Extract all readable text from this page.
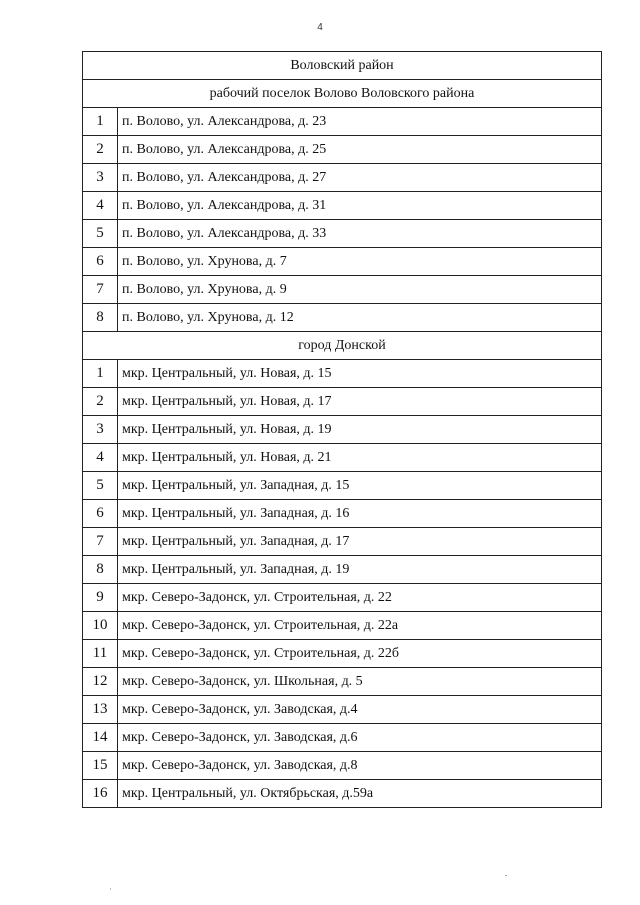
4
Воловский район	
рабочий поселок Волово Воловского района	
1	п. Волово, ул. Александрова, д. 23
2	п. Волово, ул. Александрова, д. 25
3	п. Волово, ул. Александрова, д. 27
4	п. Волово, ул. Александрова, д. 31
5	п. Волово, ул. Александрова, д. 33
6	п. Волово, ул. Хрунова, д. 7
7	п. Волово, ул. Хрунова, д. 9
8	п. Волово, ул. Хрунова, д. 12
город Донской	
1	мкр. Центральный, ул. Новая, д. 15
2	мкр. Центральный, ул. Новая, д. 17
3	мкр. Центральный, ул. Новая, д. 19
4	мкр. Центральный, ул. Новая, д. 21
5	мкр. Центральный, ул. Западная, д. 15
6	мкр. Центральный, ул. Западная, д. 16
7	мкр. Центральный, ул. Западная, д. 17
8	мкр. Центральный, ул. Западная, д. 19
9	мкр. Северо-Задонск, ул. Строительная, д. 22
10	мкр. Северо-Задонск, ул. Строительная, д. 22а
11	мкр. Северо-Задонск, ул. Строительная, д. 22б
12	мкр. Северо-Задонск, ул. Школьная, д. 5
13	мкр. Северо-Задонск, ул. Заводская, д.4
14	мкр. Северо-Задонск, ул. Заводская, д.6
15	мкр. Северо-Задонск, ул. Заводская, д.8
16	мкр. Центральный, ул. Октябрьская, д.59а
